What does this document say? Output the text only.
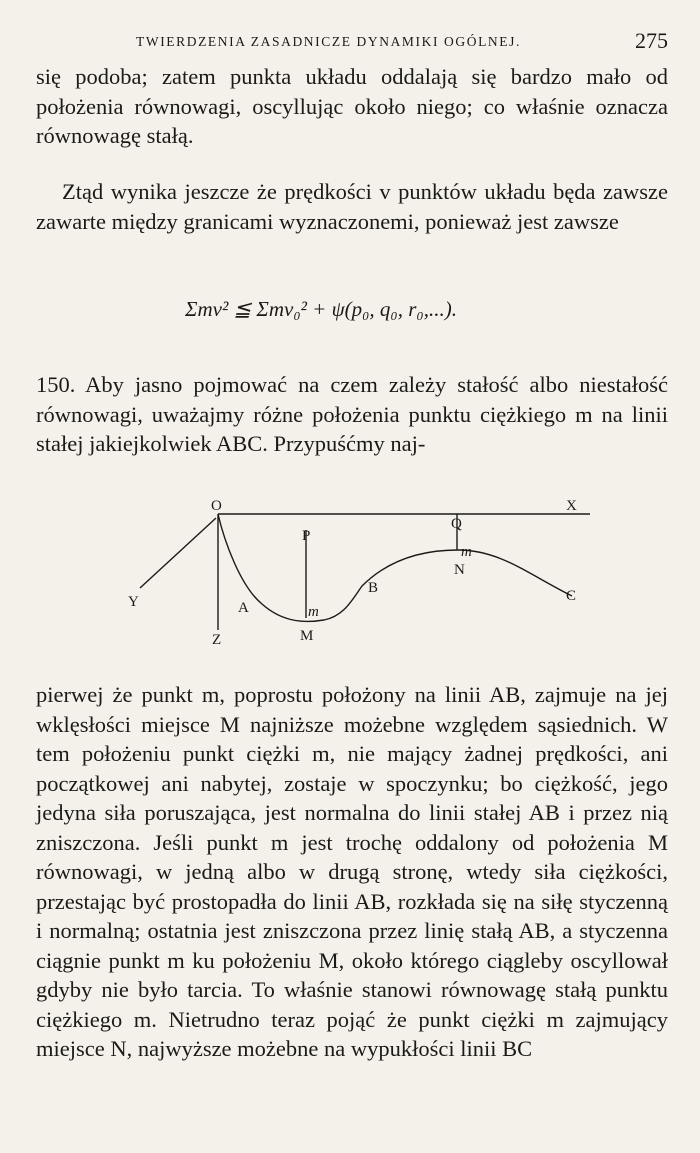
TWIERDZENIA ZASADNICZE DYNAMIKI OGÓLNEJ.	275

się podoba; zatem punkta układu oddalają się bardzo mało od położenia równowagi, oscyllując około niego; co właśnie oznacza równowagę stałą.

Ztąd wynika jeszcze że prędkości v punktów układu będa zawsze zawarte między granicami wyznaczonemi, ponieważ jest zawsze

Σmv² ≦ Σmv₀² + ψ(p₀, q₀, r₀,...).

150. Aby jasno pojmować na czem zależy stałość albo niestałość równowagi, uważajmy różne położenia punktu ciężkiego m na linii stałej jakiejkolwiek ABC. Przypuśćmy naj-

O	X
P
Q
Y	A	m
M
Z
m
N
B	C

pierwej że punkt m, poprostu położony na linii AB, zajmuje na jej wklęsłości miejsce M najniższe możebne względem sąsiednich. W tem położeniu punkt ciężki m, nie mający żadnej prędkości, ani początkowej ani nabytej, zostaje w spoczynku; bo ciężkość, jego jedyna siła poruszająca, jest normalna do linii stałej AB i przez nią zniszczona. Jeśli punkt m jest trochę oddalony od położenia M równowagi, w jedną albo w drugą stronę, wtedy siła ciężkości, przestając być prostopadła do linii AB, rozkłada się na siłę styczenną i normalną; ostatnia jest zniszczona przez linię stałą AB, a styczenna ciągnie punkt m ku położeniu M, około którego ciągleby oscyllował gdyby nie było tarcia. To właśnie stanowi równowagę stałą punktu ciężkiego m. Nietrudno teraz pojąć że punkt ciężki m zajmujący miejsce N, najwyższe możebne na wypukłości linii BC
